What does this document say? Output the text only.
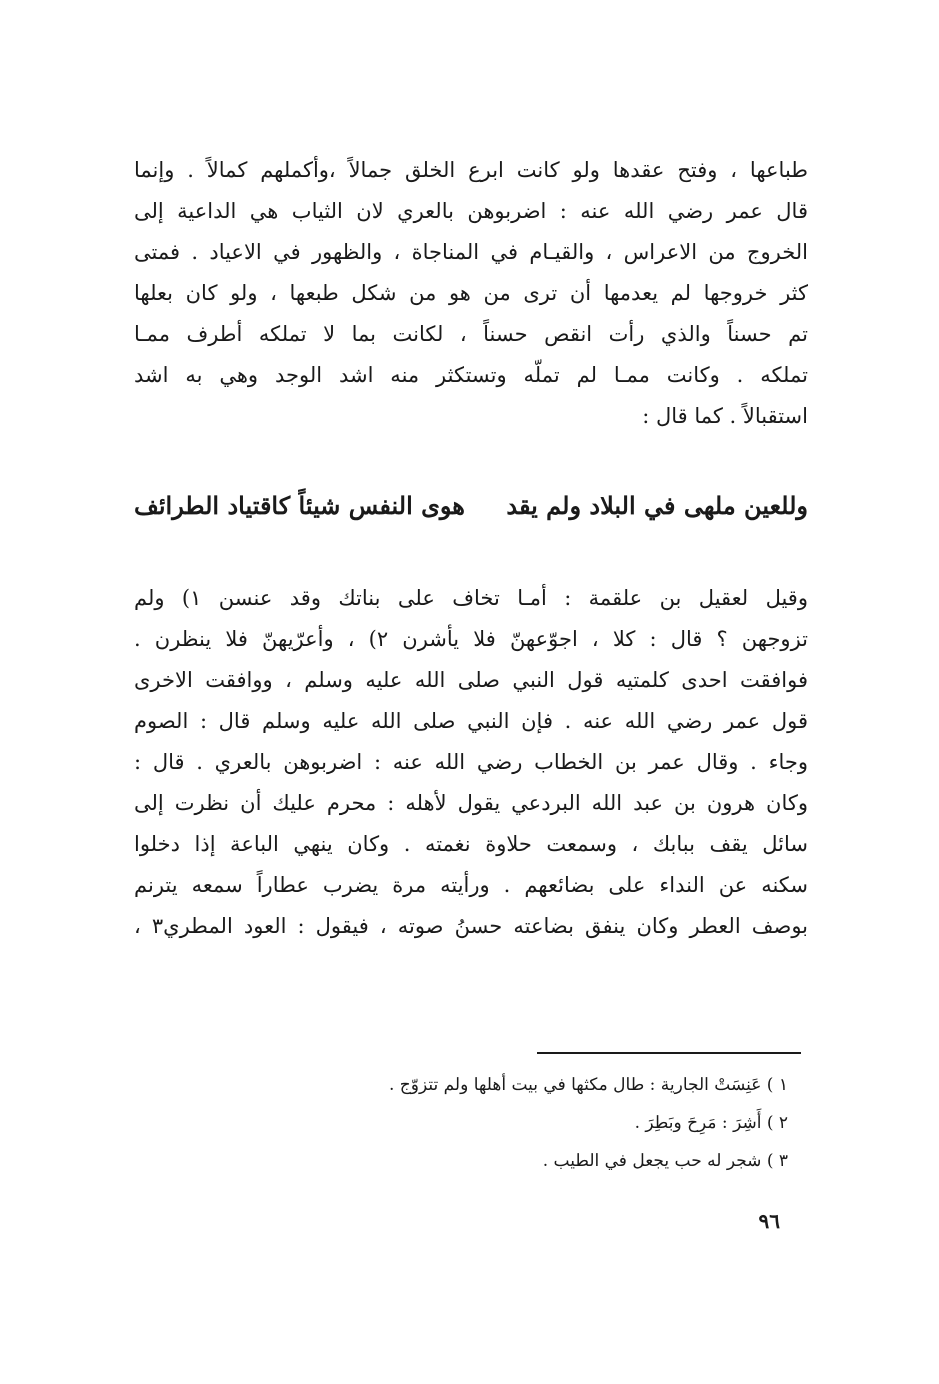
طباعها ، وفتح عقدها ولو كانت ابرع الخلق جمالاً ،وأكملهم كمالاً . وإنما
قال عمر رضي الله عنه : اضربوهن بالعري لان الثياب هي الداعية إلى
الخروج من الاعراس ، والقيـام في المناجاة ، والظهور في الاعياد . فمتى
كثر خروجها لم يعدمها أن ترى من هو من شكل طبعها ، ولو كان بعلها
تم حسناً والذي رأت انقص حسناً ، لكانت بما لا تملكه أطرف ممـا
تملكه . وكانت ممـا لم تملّه وتستكثر منه اشد الوجد وهي به اشد
استقبالاً . كما قال :
وللعين ملهى في البلاد ولم يقد
هوى النفس شيئاً كاقتياد الطرائف
وقيل لعقيل بن علقمة : أمـا تخاف على بناتك وقد عنسن ١) ولم
تزوجهن ؟ قال : كلا ، اجوّعهنّ فلا يأشرن ٢) ، وأعرّيهنّ فلا ينظرن .
فوافقت احدى كلمتيه قول النبي صلى الله عليه وسلم ، ووافقت الاخرى
قول عمر رضي الله عنه . فإن النبي صلى الله عليه وسلم قال : الصوم
وجاء . وقال عمر بن الخطاب رضي الله عنه : اضربوهن بالعري . قال :
وكان هرون بن عبد الله البردعي يقول لأهله : محرم عليك أن نظرت إلى
سائل يقف ببابك ، وسمعت حلاوة نغمته . وكان ينهي الباعة إذا دخلوا
سكنه عن النداء على بضائعهم . ورأيته مرة يضرب عطاراً سمعه يترنم
بوصف العطر وكان ينفق بضاعته حسنُ صوته ، فيقول : العود المطري٣ ،
١ ) عَنِسَتْ الجارية : طال مكثها في بيت أهلها ولم تتزوّج .
٢ ) أَشِرَ : مَرِحَ وبَطِرَ .
٣ ) شجر له حب يجعل في الطيب .
٩٦
